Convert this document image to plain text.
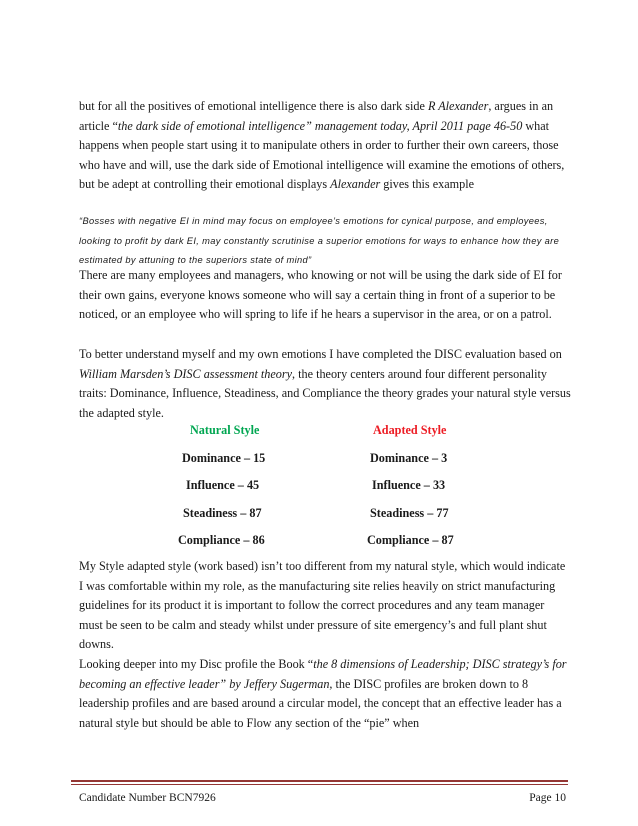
but for all the positives of emotional intelligence there is also dark side R Alexander, argues in an article “the dark side of emotional intelligence” management today, April 2011 page 46-50 what happens when people start using it to manipulate others in order to further their own careers, those who have and will, use the dark side of Emotional intelligence will examine the emotions of others, but be adept at controlling their emotional displays Alexander gives this example

“Bosses with negative EI in mind may focus on employee’s emotions for cynical purpose, and employees, looking to profit by dark EI, may constantly scrutinise a superior emotions for ways to enhance how they are estimated by attuning to the superiors state of mind”

There are many employees and managers, who knowing or not will be using the dark side of EI for their own gains, everyone knows someone who will say a certain thing in front of a superior to be noticed, or an employee who will spring to life if he hears a supervisor in the area, or on a patrol.

To better understand myself and my own emotions I have completed the DISC evaluation based on William Marsden’s DISC assessment theory, the theory centers around four different personality traits: Dominance, Influence, Steadiness, and Compliance the theory grades your natural style versus the adapted style.

Natural Style	Adapted Style
Dominance – 15	Dominance – 3
Influence – 45	Influence – 33
Steadiness – 87	Steadiness – 77
Compliance – 86	Compliance – 87

My Style adapted style (work based) isn’t too different from my natural style, which would indicate I was comfortable within my role, as the manufacturing site relies heavily on strict manufacturing guidelines for its product it is important to follow the correct procedures and any team manager must be seen to be calm and steady whilst under pressure of site emergency’s and full plant shut downs.

Looking deeper into my Disc profile the Book “the 8 dimensions of Leadership; DISC strategy’s for becoming an effective leader” by Jeffery Sugerman, the DISC profiles are broken down to 8 leadership profiles and are based around a circular model, the concept that an effective leader has a natural style but should be able to Flow any section of the “pie” when

Candidate Number BCN7926	Page 10
